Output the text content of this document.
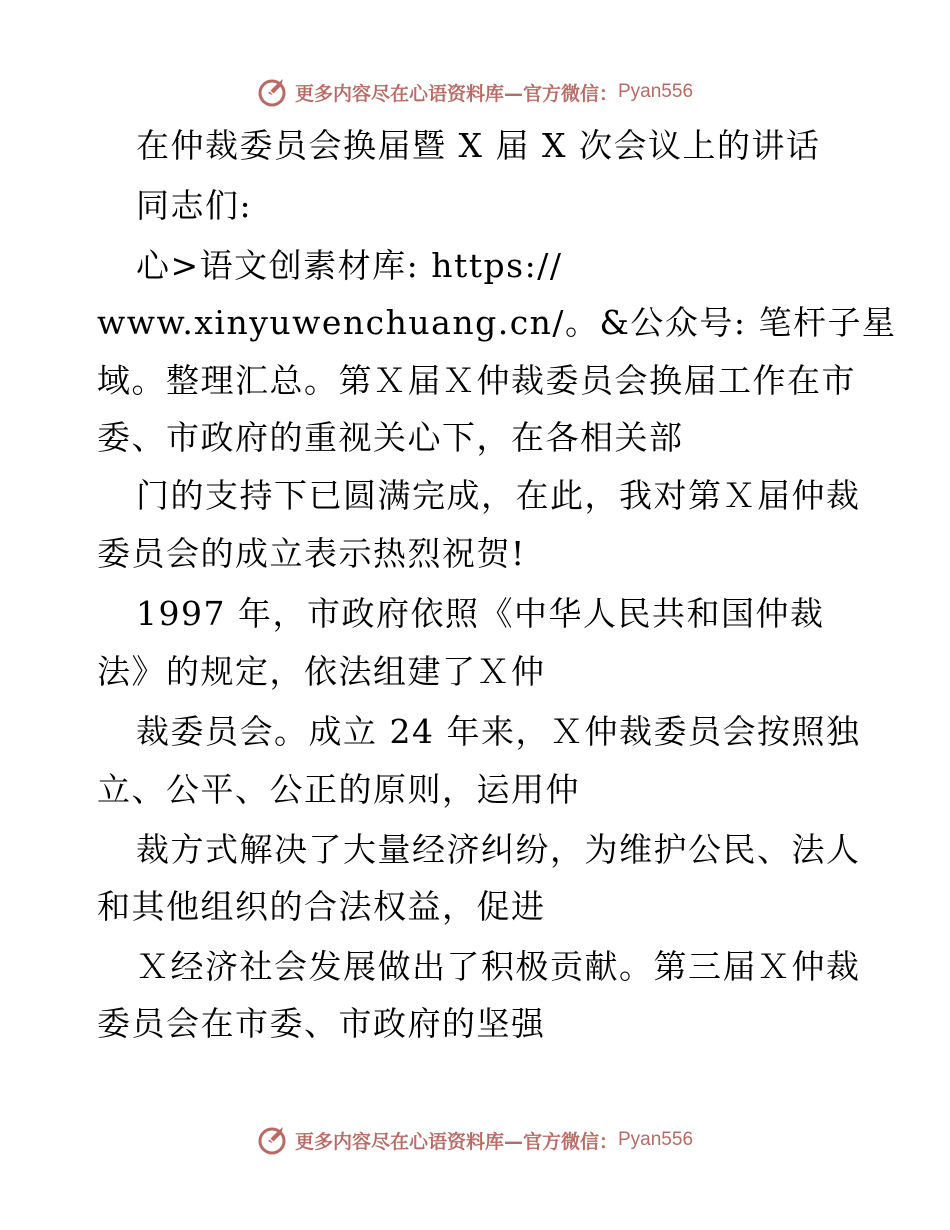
更多内容尽在心语资料库—官方微信： Pyan556
在仲裁委员会换届暨 X 届 X 次会议上的讲话
同志们:
心>语文创素材库: https://
www.xinyuwenchuang.cn/。&公众号: 笔杆子星
域。整理汇总。第Ｘ届Ｘ仲裁委员会换届工作在市
委、市政府的重视关心下，在各相关部
门的支持下已圆满完成，在此，我对第Ｘ届仲裁
委员会的成立表示热烈祝贺!
1997 年，市政府依照《中华人民共和国仲裁
法》的规定，依法组建了Ｘ仲
裁委员会。成立 24 年来，Ｘ仲裁委员会按照独
立、公平、公正的原则，运用仲
裁方式解决了大量经济纠纷，为维护公民、法人
和其他组织的合法权益，促进
Ｘ经济社会发展做出了积极贡献。第三届Ｘ仲裁
委员会在市委、市政府的坚强
更多内容尽在心语资料库—官方微信： Pyan556
